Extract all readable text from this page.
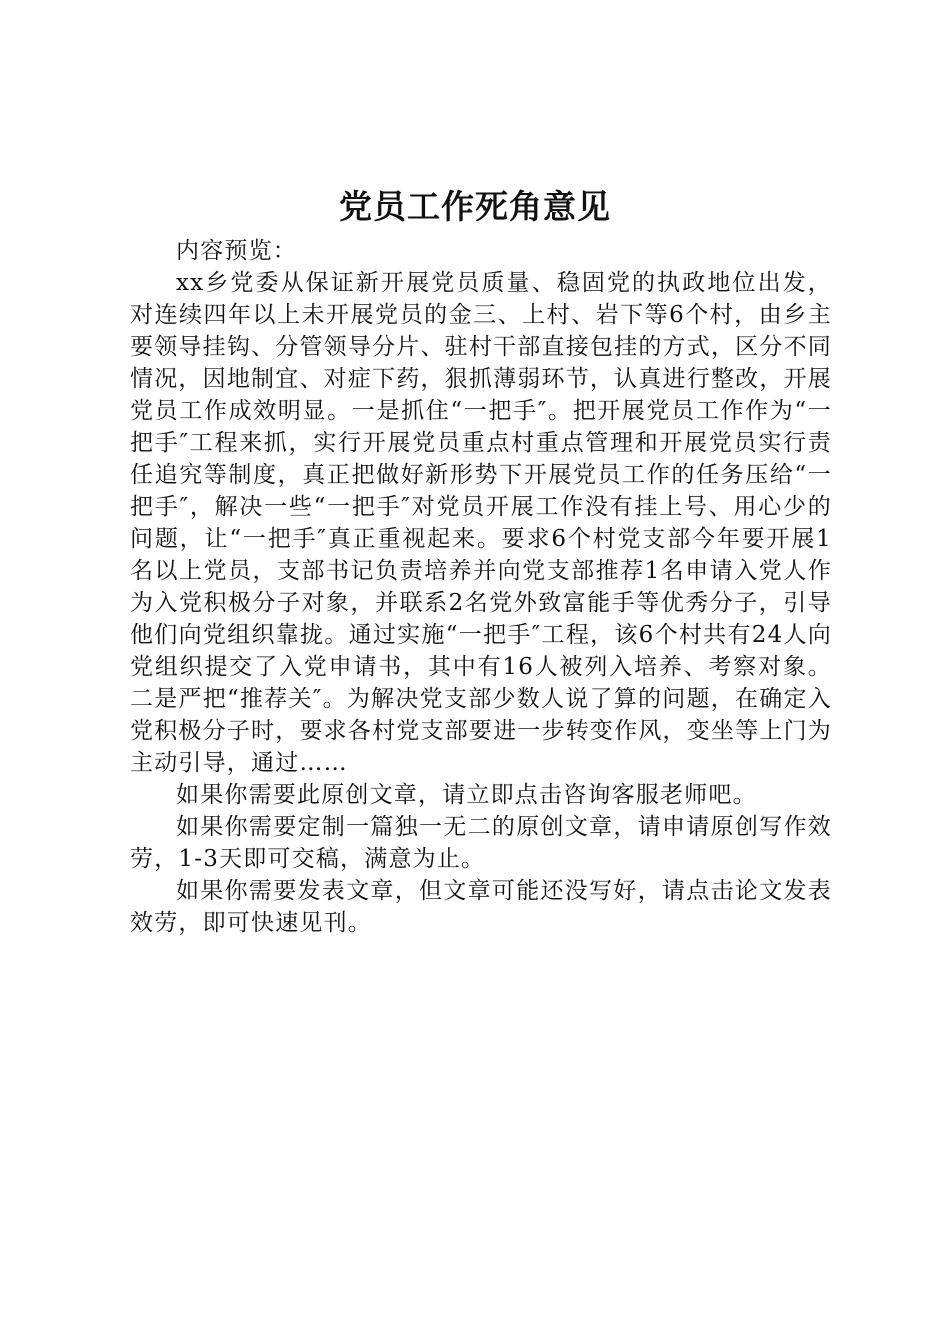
党员工作死角意见

内容预览：

xx乡党委从保证新开展党员质量、稳固党的执政地位出发，对连续四年以上未开展党员的金三、上村、岩下等6个村，由乡主要领导挂钩、分管领导分片、驻村干部直接包挂的方式，区分不同情况，因地制宜、对症下药，狠抓薄弱环节，认真进行整改，开展党员工作成效明显。一是抓住“一把手″。把开展党员工作作为“一把手″工程来抓，实行开展党员重点村重点管理和开展党员实行责任追究等制度，真正把做好新形势下开展党员工作的任务压给“一把手″，解决一些“一把手″对党员开展工作没有挂上号、用心少的问题，让“一把手″真正重视起来。要求6个村党支部今年要开展1名以上党员，支部书记负责培养并向党支部推荐1名申请入党人作为入党积极分子对象，并联系2名党外致富能手等优秀分子，引导他们向党组织靠拢。通过实施“一把手″工程，该6个村共有24人向党组织提交了入党申请书，其中有16人被列入培养、考察对象。二是严把“推荐关″。为解决党支部少数人说了算的问题，在确定入党积极分子时，要求各村党支部要进一步转变作风，变坐等上门为主动引导，通过……

如果你需要此原创文章，请立即点击咨询客服老师吧。

如果你需要定制一篇独一无二的原创文章，请申请原创写作效劳，1-3天即可交稿，满意为止。

如果你需要发表文章，但文章可能还没写好，请点击论文发表效劳，即可快速见刊。
